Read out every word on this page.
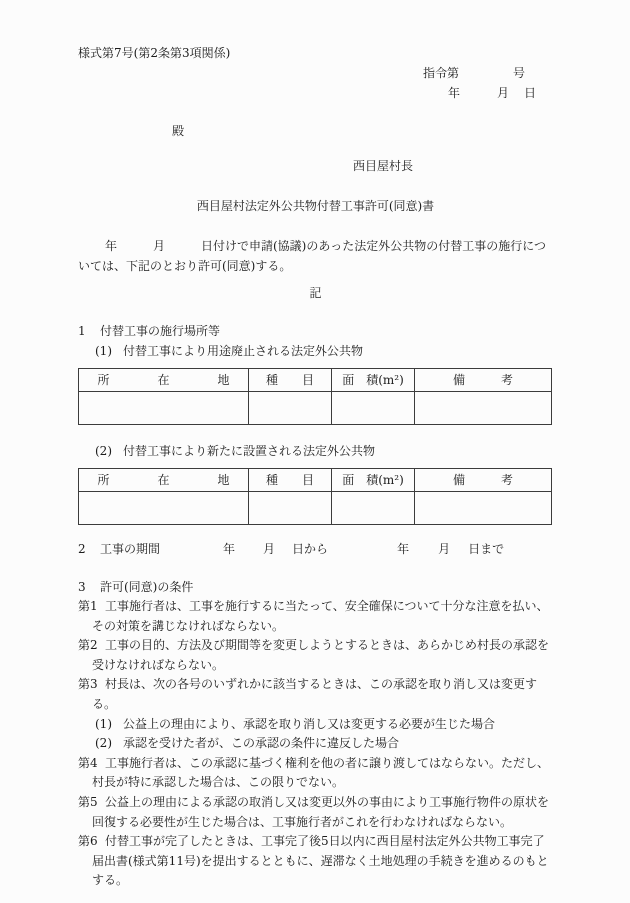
様式第7号(第2条第3項関係)
指令第	号
年	月 日
殿
西目屋村長
西目屋村法定外公共物付替工事許可(同意)書
年　　　月　　　日付けで申請(協議)のあった法定外公共物の付替工事の施行につ
いては、下記のとおり許可(同意)する。
記
1 付替工事の施行場所等
(1) 付替工事により用途廃止される法定外公共物
所　　　　在　　　　地	種　　目	面　積(m²)	備　　　考

(2) 付替工事により新たに設置される法定外公共物
所　　　　在　　　　地	種　　目	面　積(m²)	備　　　考

2 工事の期間	年 月 日から	年 月 日まで
3 許可(同意)の条件
第1 工事施行者は、工事を施行するに当たって、安全確保について十分な注意を払い、その対策を講じなければならない。
第2 工事の目的、方法及び期間等を変更しようとするときは、あらかじめ村長の承認を受けなければならない。
第3 村長は、次の各号のいずれかに該当するときは、この承認を取り消し又は変更する。
(1) 公益上の理由により、承認を取り消し又は変更する必要が生じた場合
(2) 承認を受けた者が、この承認の条件に違反した場合
第4 工事施行者は、この承認に基づく権利を他の者に譲り渡してはならない。ただし、村長が特に承認した場合は、この限りでない。
第5 公益上の理由による承認の取消し又は変更以外の事由により工事施行物件の原状を回復する必要性が生じた場合は、工事施行者がこれを行わなければならない。
第6 付替工事が完了したときは、工事完了後5日以内に西目屋村法定外公共物工事完了届出書(様式第11号)を提出するとともに、遅滞なく土地処理の手続きを進めるのもとする。
